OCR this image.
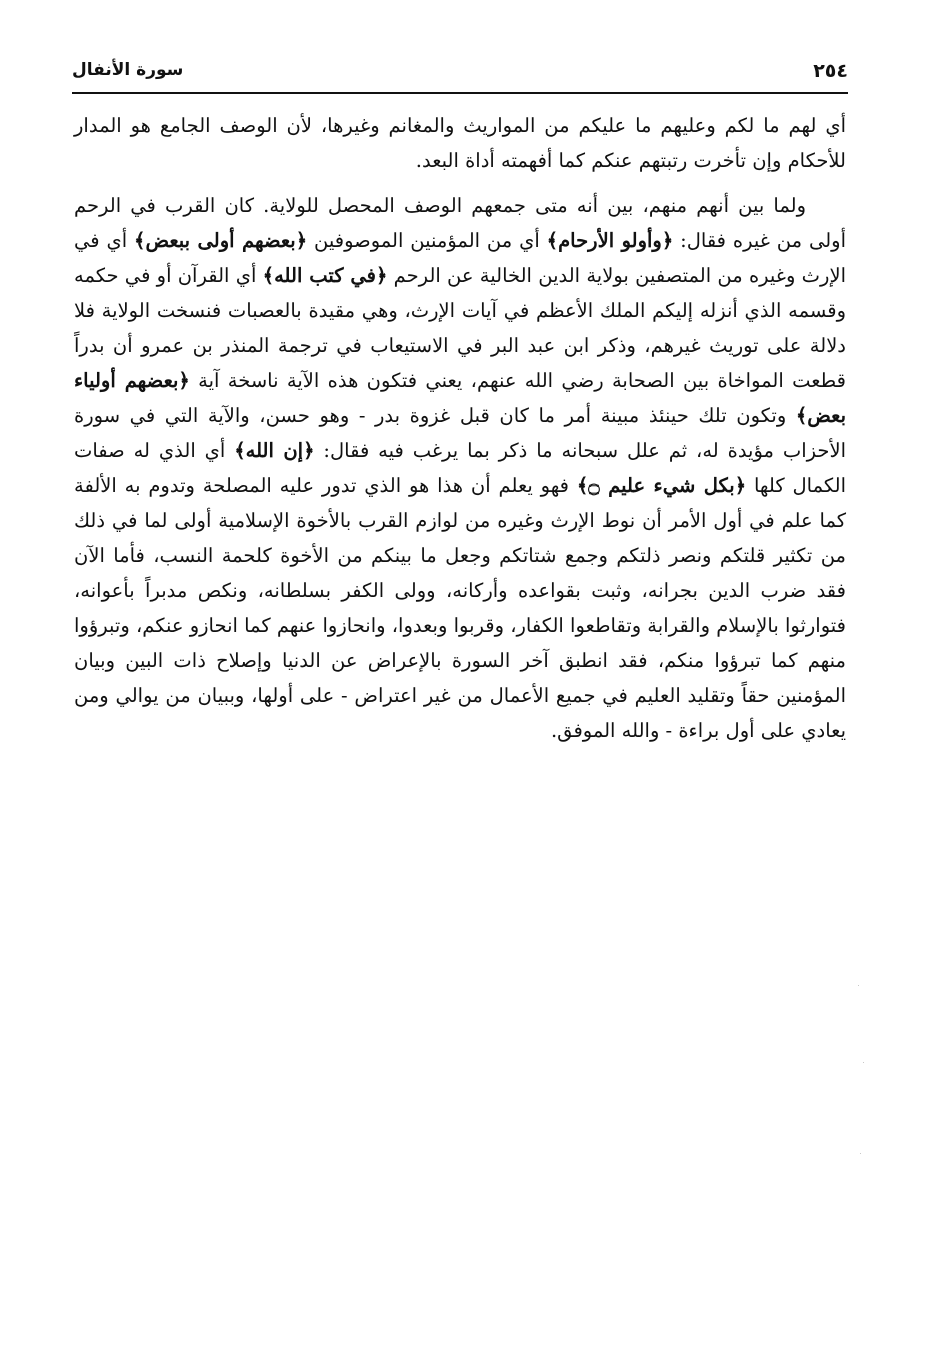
٢٥٤
سورة الأنفال

أي لهم ما لكم وعليهم ما عليكم من المواريث والمغانم وغيرها، لأن الوصف الجامع هو المدار للأحكام وإن تأخرت رتبتهم عنكم كما أفهمته أداة البعد.

ولما بين أنهم منهم، بين أنه متى جمعهم الوصف المحصل للولاية. كان القرب في الرحم أولى من غيره فقال: ﴿وأولو الأرحام﴾ أي من المؤمنين الموصوفين ﴿بعضهم أولى ببعض﴾ أي في الإرث وغيره من المتصفين بولاية الدين الخالية عن الرحم ﴿في كتب الله﴾ أي القرآن أو في حكمه وقسمه الذي أنزله إليكم الملك الأعظم في آيات الإرث، وهي مقيدة بالعصبات فنسخت الولاية فلا دلالة على توريث غيرهم، وذكر ابن عبد البر في الاستيعاب في ترجمة المنذر بن عمرو أن بدراً قطعت المواخاة بين الصحابة رضي الله عنهم، يعني فتكون هذه الآية ناسخة آية ﴿بعضهم أولياء بعض﴾ وتكون تلك حينئذ مبينة أمر ما كان قبل غزوة بدر - وهو حسن، والآية التي في سورة الأحزاب مؤيدة له، ثم علل سبحانه ما ذكر بما يرغب فيه فقال: ﴿إن الله﴾ أي الذي له صفات الكمال كلها ﴿بكل شيء عليم ۝﴾ فهو يعلم أن هذا هو الذي تدور عليه المصلحة وتدوم به الألفة كما علم في أول الأمر أن نوط الإرث وغيره من لوازم القرب بالأخوة الإسلامية أولى لما في ذلك من تكثير قلتكم ونصر ذلتكم وجمع شتاتكم وجعل ما بينكم من الأخوة كلحمة النسب، فأما الآن فقد ضرب الدين بجرانه، وثبت بقواعده وأركانه، وولى الكفر بسلطانه، ونكص مدبراً بأعوانه، فتوارثوا بالإسلام والقرابة وتقاطعوا الكفار، وقربوا وبعدوا، وانحازوا عنهم كما انحازو عنكم، وتبرؤوا منهم كما تبرؤوا منكم، فقد انطبق آخر السورة بالإعراض عن الدنيا وإصلاح ذات البين وبيان المؤمنين حقاً وتقليد العليم في جميع الأعمال من غير اعتراض - على أولها، وببيان من يوالي ومن يعادي على أول براءة - والله الموفق.
